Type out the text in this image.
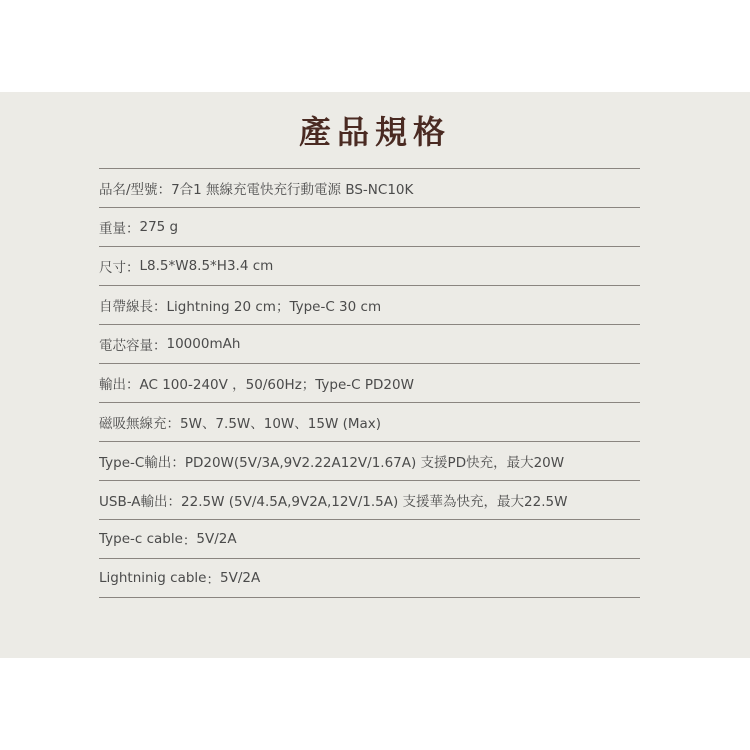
產品規格
品名/型號 ： 7合1 無線充電快充行動電源 BS-NC10K
重量 ： 275 g
尺寸 ： L8.5*W8.5*H3.4 cm
自帶線長 ： Lightning 20 cm；Type-C 30 cm
電芯容量 ： 10000mAh
輸出 ： AC 100-240V ，50/60Hz；Type-C PD20W
磁吸無線充 ： 5W、7.5W、10W、15W (Max)
Type-C輸出 ： PD20W(5V/3A,9V2.22A12V/1.67A) 支援PD快充，最大20W
USB-A輸出 ： 22.5W (5V/4.5A,9V2A,12V/1.5A) 支援華為快充，最大22.5W
Type-c cable ： 5V/2A
Lightninig cable ： 5V/2A
